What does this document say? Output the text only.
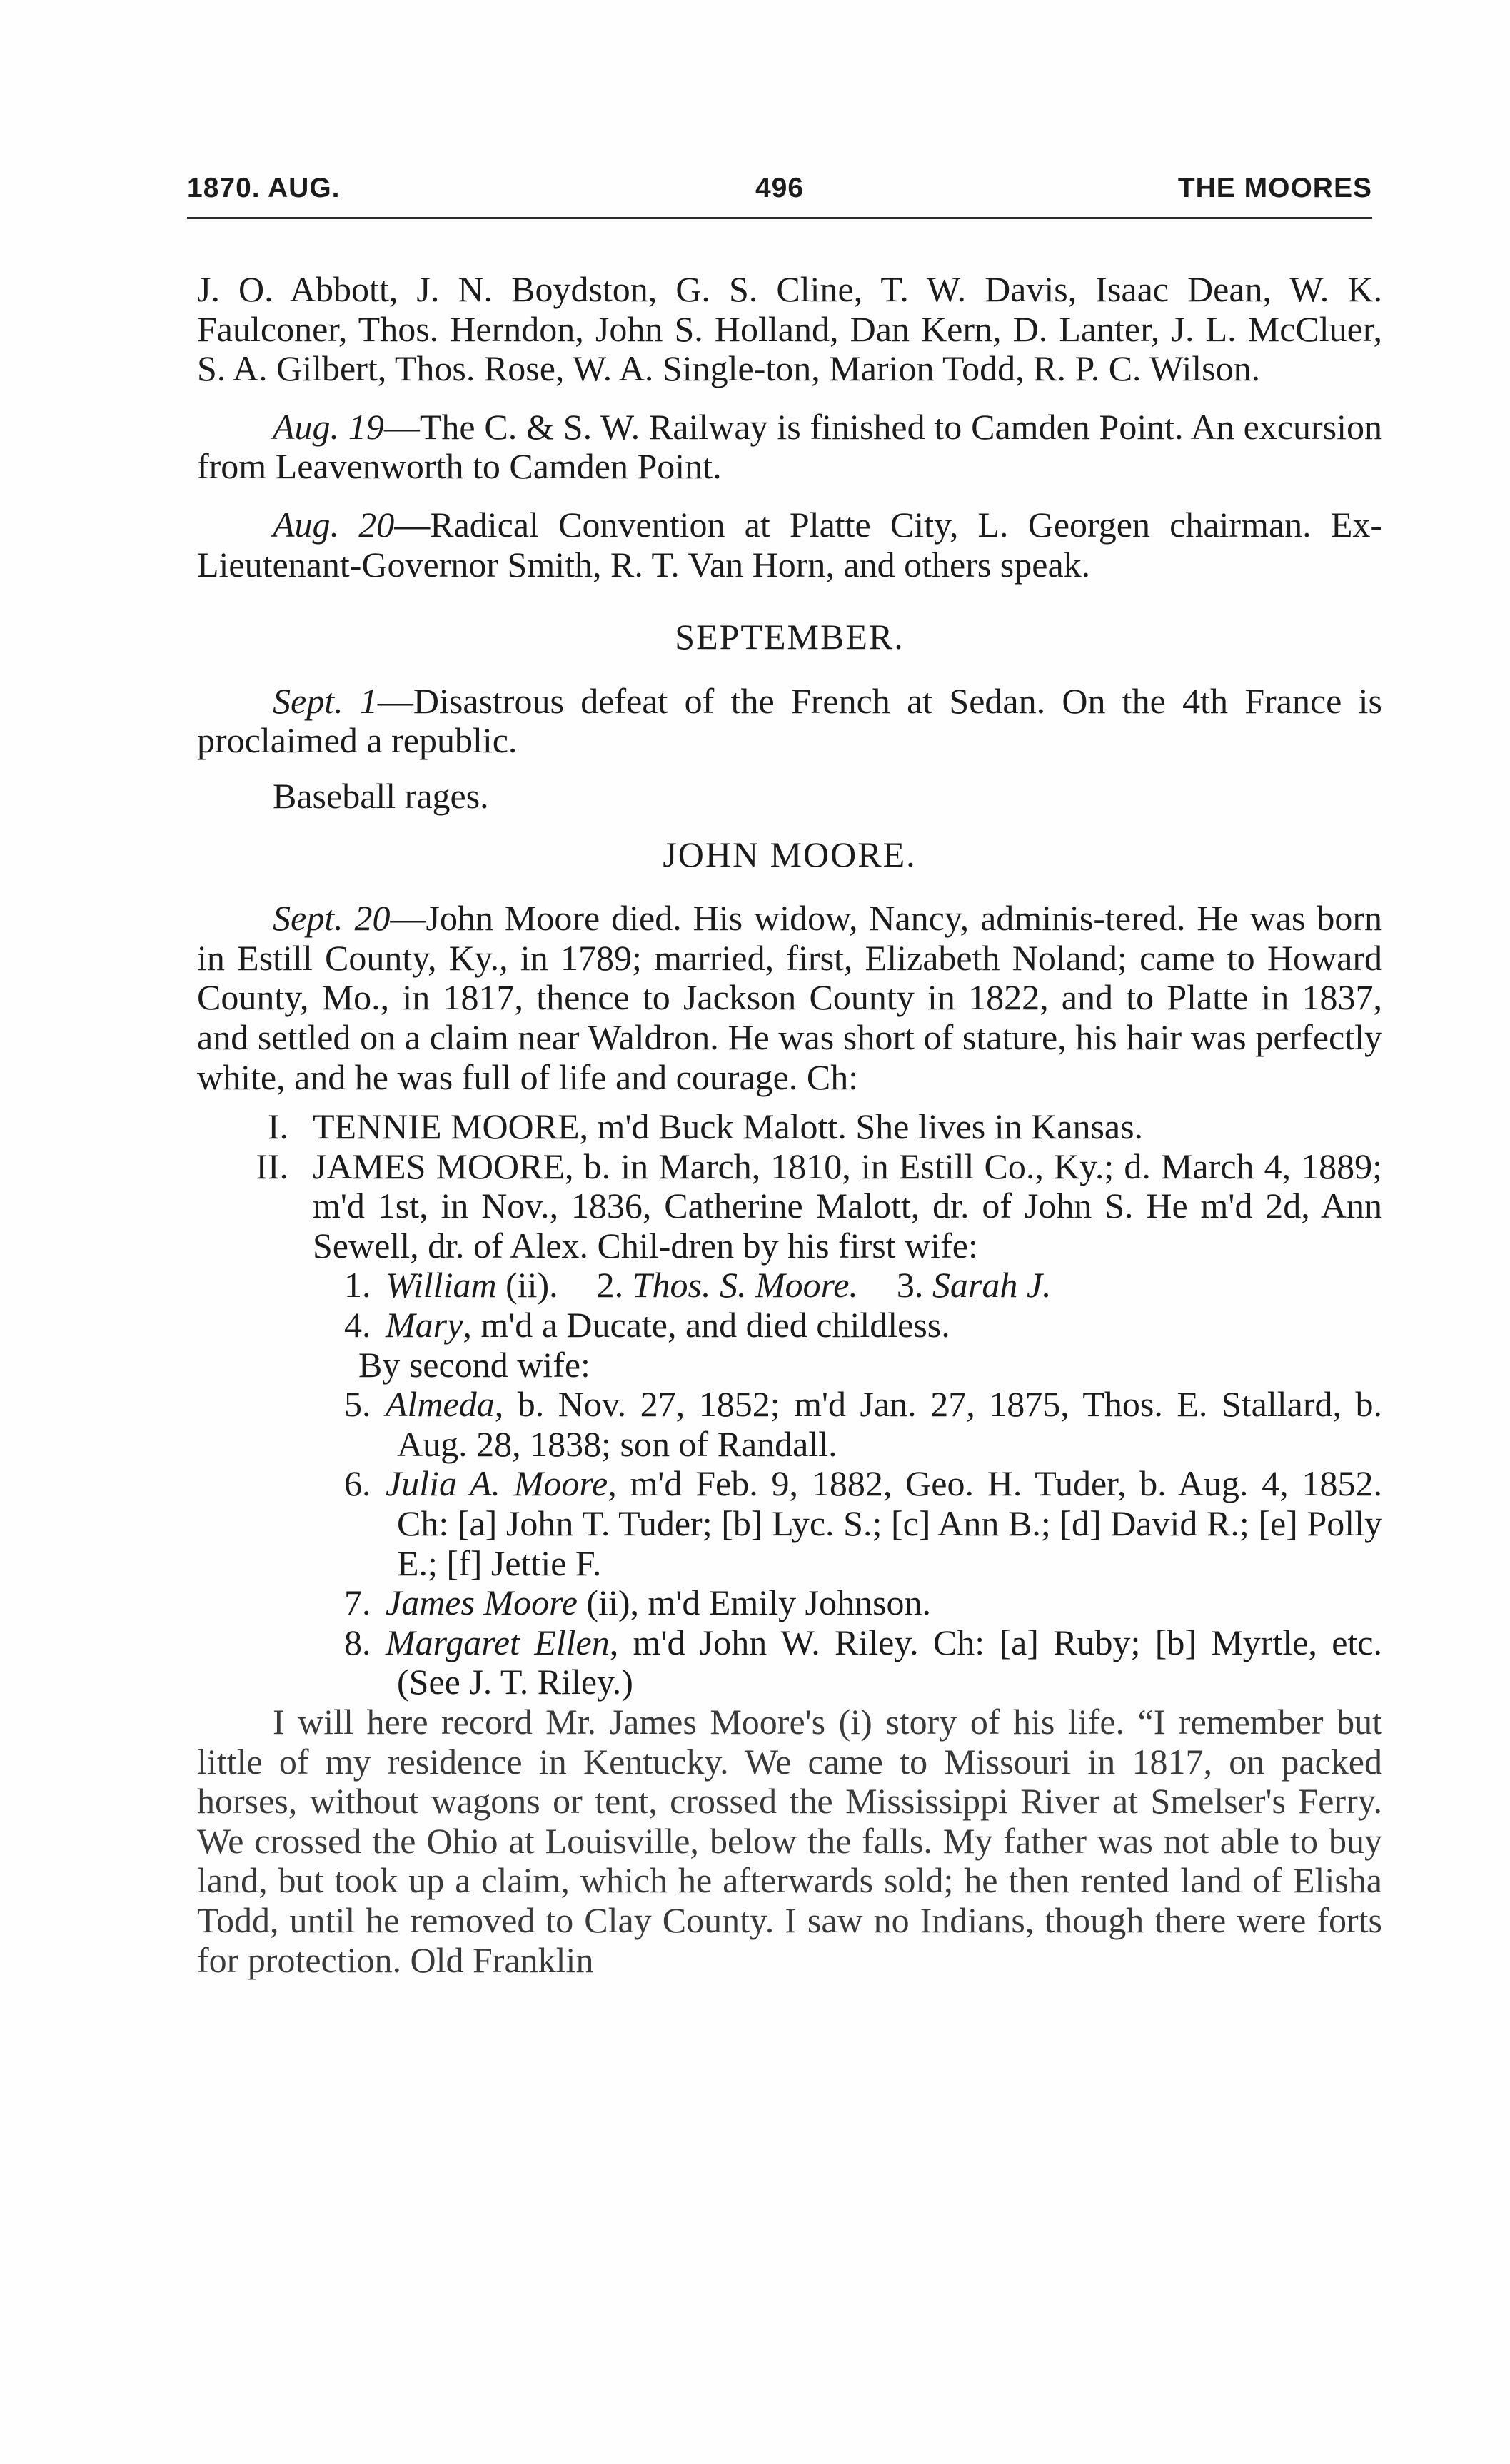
1870. AUG.	496	THE MOORES

J. O. Abbott, J. N. Boydston, G. S. Cline, T. W. Davis, Isaac Dean, W. K. Faulconer, Thos. Herndon, John S. Holland, Dan Kern, D. Lanter, J. L. McCluer, S. A. Gilbert, Thos. Rose, W. A. Single-ton, Marion Todd, R. P. C. Wilson.

Aug. 19—The C. & S. W. Railway is finished to Camden Point. An excursion from Leavenworth to Camden Point.

Aug. 20—Radical Convention at Platte City, L. Georgen chairman. Ex-Lieutenant-Governor Smith, R. T. Van Horn, and others speak.

SEPTEMBER.

Sept. 1—Disastrous defeat of the French at Sedan. On the 4th France is proclaimed a republic.

Baseball rages.

JOHN MOORE.

Sept. 20—John Moore died. His widow, Nancy, adminis-tered. He was born in Estill County, Ky., in 1789; married, first, Elizabeth Noland; came to Howard County, Mo., in 1817, thence to Jackson County in 1822, and to Platte in 1837, and settled on a claim near Waldron. He was short of stature, his hair was perfectly white, and he was full of life and courage. Ch:

I. TENNIE MOORE, m'd Buck Malott. She lives in Kansas.

II. JAMES MOORE, b. in March, 1810, in Estill Co., Ky.; d. March 4, 1889; m'd 1st, in Nov., 1836, Catherine Malott, dr. of John S. He m'd 2d, Ann Sewell, dr. of Alex. Chil-dren by his first wife:

1. William (ii). 2. Thos. S. Moore. 3. Sarah J.

4. Mary, m'd a Ducate, and died childless.

By second wife:

5. Almeda, b. Nov. 27, 1852; m'd Jan. 27, 1875, Thos. E. Stallard, b. Aug. 28, 1838; son of Randall.

6. Julia A. Moore, m'd Feb. 9, 1882, Geo. H. Tuder, b. Aug. 4, 1852. Ch: [a] John T. Tuder; [b] Lyc. S.; [c] Ann B.; [d] David R.; [e] Polly E.; [f] Jettie F.

7. James Moore (ii), m'd Emily Johnson.

8. Margaret Ellen, m'd John W. Riley. Ch: [a] Ruby; [b] Myrtle, etc. (See J. T. Riley.)

I will here record Mr. James Moore's (i) story of his life. “I remember but little of my residence in Kentucky. We came to Missouri in 1817, on packed horses, without wagons or tent, crossed the Mississippi River at Smelser's Ferry. We crossed the Ohio at Louisville, below the falls. My father was not able to buy land, but took up a claim, which he afterwards sold; he then rented land of Elisha Todd, until he removed to Clay County. I saw no Indians, though there were forts for protection. Old Franklin
